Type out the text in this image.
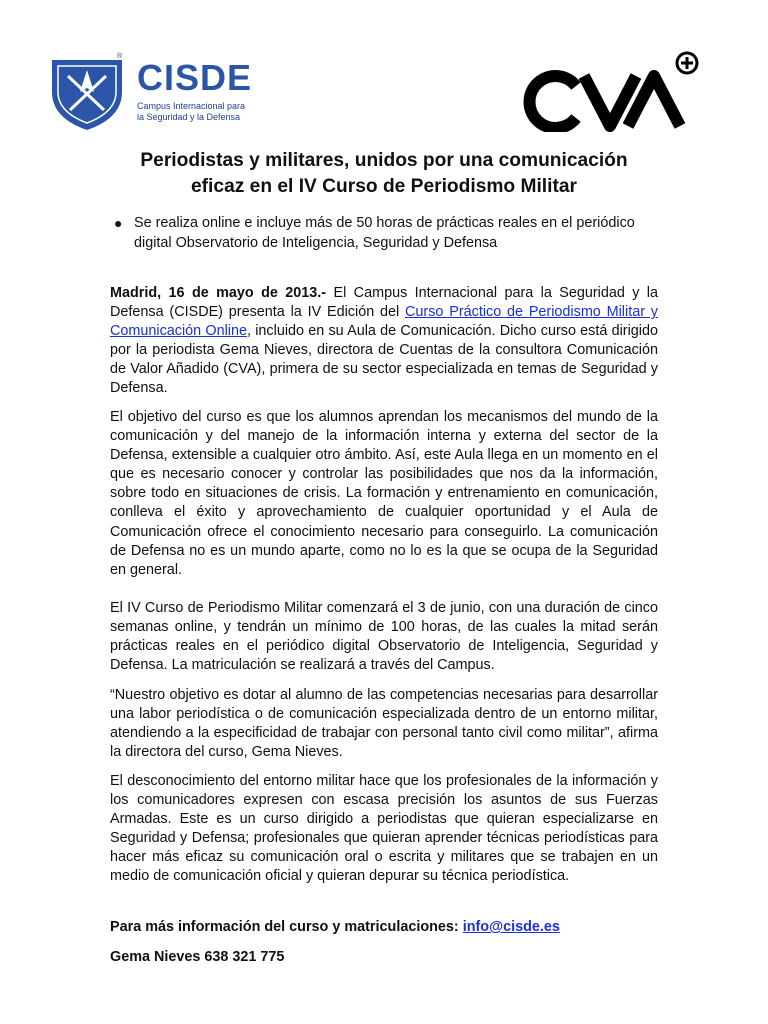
®
CISDE
Campus Internacional para
la Seguridad y la Defensa
Periodistas y militares, unidos por una comunicación
eficaz en el IV Curso de Periodismo Militar
● Se realiza online e incluye más de 50 horas de prácticas reales en el periódico digital Observatorio de Inteligencia, Seguridad y Defensa

Madrid, 16 de mayo de 2013.- El Campus Internacional para la Seguridad y la Defensa (CISDE) presenta la IV Edición del Curso Práctico de Periodismo Militar y Comunicación Online, incluido en su Aula de Comunicación. Dicho curso está dirigido por la periodista Gema Nieves, directora de Cuentas de la consultora Comunicación de Valor Añadido (CVA), primera de su sector especializada en temas de Seguridad y Defensa.

El objetivo del curso es que los alumnos aprendan los mecanismos del mundo de la comunicación y del manejo de la información interna y externa del sector de la Defensa, extensible a cualquier otro ámbito. Así, este Aula llega en un momento en el que es necesario conocer y controlar las posibilidades que nos da la información, sobre todo en situaciones de crisis. La formación y entrenamiento en comunicación, conlleva el éxito y aprovechamiento de cualquier oportunidad y el Aula de Comunicación ofrece el conocimiento necesario para conseguirlo. La comunicación de Defensa no es un mundo aparte, como no lo es la que se ocupa de la Seguridad en general.

El IV Curso de Periodismo Militar comenzará el 3 de junio, con una duración de cinco semanas online, y tendrán un mínimo de 100 horas, de las cuales la mitad serán prácticas reales en el periódico digital Observatorio de Inteligencia, Seguridad y Defensa. La matriculación se realizará a través del Campus.

“Nuestro objetivo es dotar al alumno de las competencias necesarias para desarrollar una labor periodística o de comunicación especializada dentro de un entorno militar, atendiendo a la especificidad de trabajar con personal tanto civil como militar”, afirma la directora del curso, Gema Nieves.

El desconocimiento del entorno militar hace que los profesionales de la información y los comunicadores expresen con escasa precisión los asuntos de sus Fuerzas Armadas. Este es un curso dirigido a periodistas que quieran especializarse en Seguridad y Defensa; profesionales que quieran aprender técnicas periodísticas para hacer más eficaz su comunicación oral o escrita y militares que se trabajen en un medio de comunicación oficial y quieran depurar su técnica periodística.

Para más información del curso y matriculaciones: info@cisde.es
Gema Nieves 638 321 775
